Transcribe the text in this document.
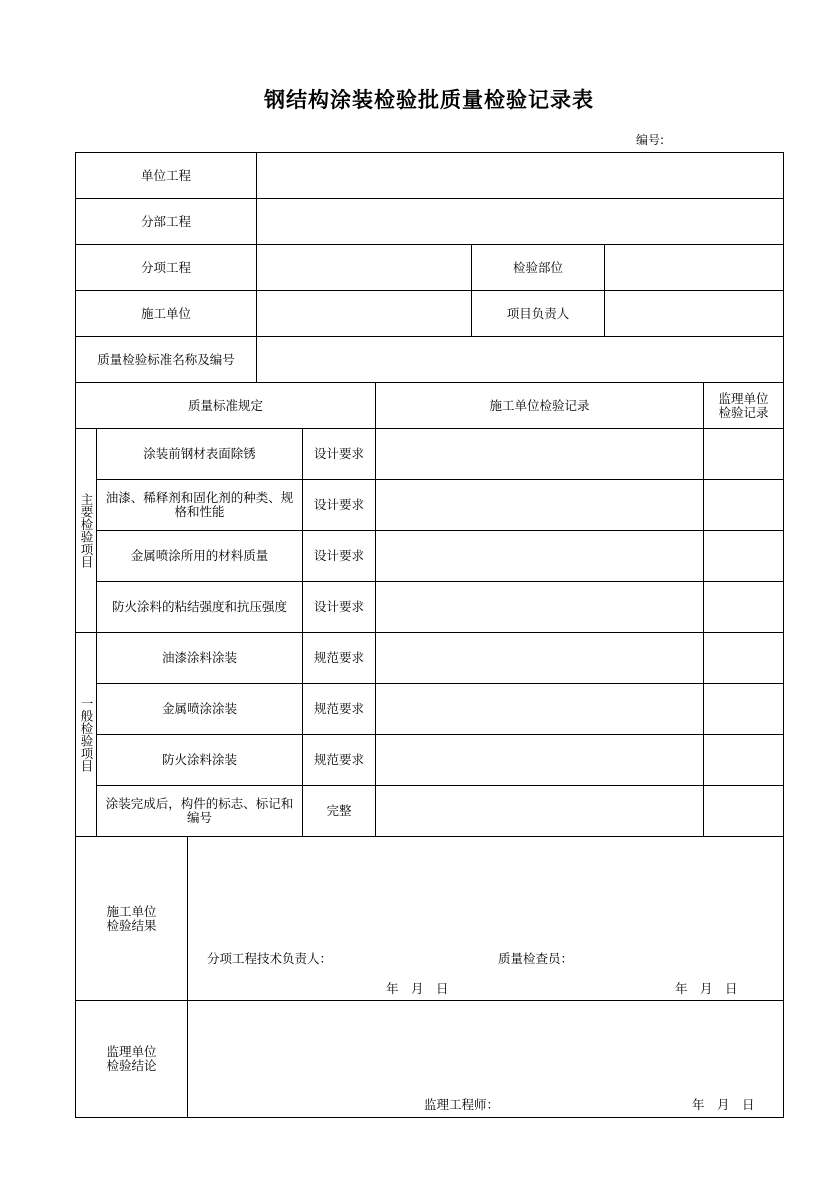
钢结构涂装检验批质量检验记录表
编号:
单位工程
分部工程
分项工程	检验部位
施工单位	项目负责人
质量检验标准名称及编号
质量标准规定	施工单位检验记录	监理单位检验记录
主要检验项目
涂装前钢材表面除锈	设计要求
油漆、稀释剂和固化剂的种类、规格和性能	设计要求
金属喷涂所用的材料质量	设计要求
防火涂料的粘结强度和抗压强度	设计要求
一般检验项目
油漆涂料涂装	规范要求
金属喷涂涂装	规范要求
防火涂料涂装	规范要求
涂装完成后，构件的标志、标记和编号	完整
施工单位检验结果
分项工程技术负责人：	质量检查员：
年　月　日	年　月　日
监理单位检验结论
监理工程师：	年　月　日
